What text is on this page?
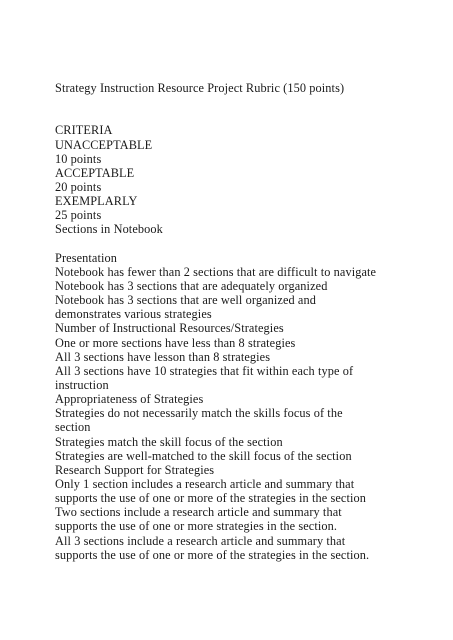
Strategy Instruction Resource Project Rubric (150 points)
CRITERIA
UNACCEPTABLE
10 points
ACCEPTABLE
20 points
EXEMPLARLY
25 points
Sections in Notebook
Presentation
Notebook has fewer than 2 sections that are difficult to navigate
Notebook has 3 sections that are adequately organized
Notebook has 3 sections that are well organized and
demonstrates various strategies
Number of Instructional Resources/Strategies
One or more sections have less than 8 strategies
All 3 sections have lesson than 8 strategies
All 3 sections have 10 strategies that fit within each type of
instruction
Appropriateness of Strategies
Strategies do not necessarily match the skills focus of the
section
Strategies match the skill focus of the section
Strategies are well-matched to the skill focus of the section
Research Support for Strategies
Only 1 section includes a research article and summary that
supports the use of one or more of the strategies in the section
Two sections include a research article and summary that
supports the use of one or more strategies in the section.
All 3 sections include a research article and summary that
supports the use of one or more of the strategies in the section.
